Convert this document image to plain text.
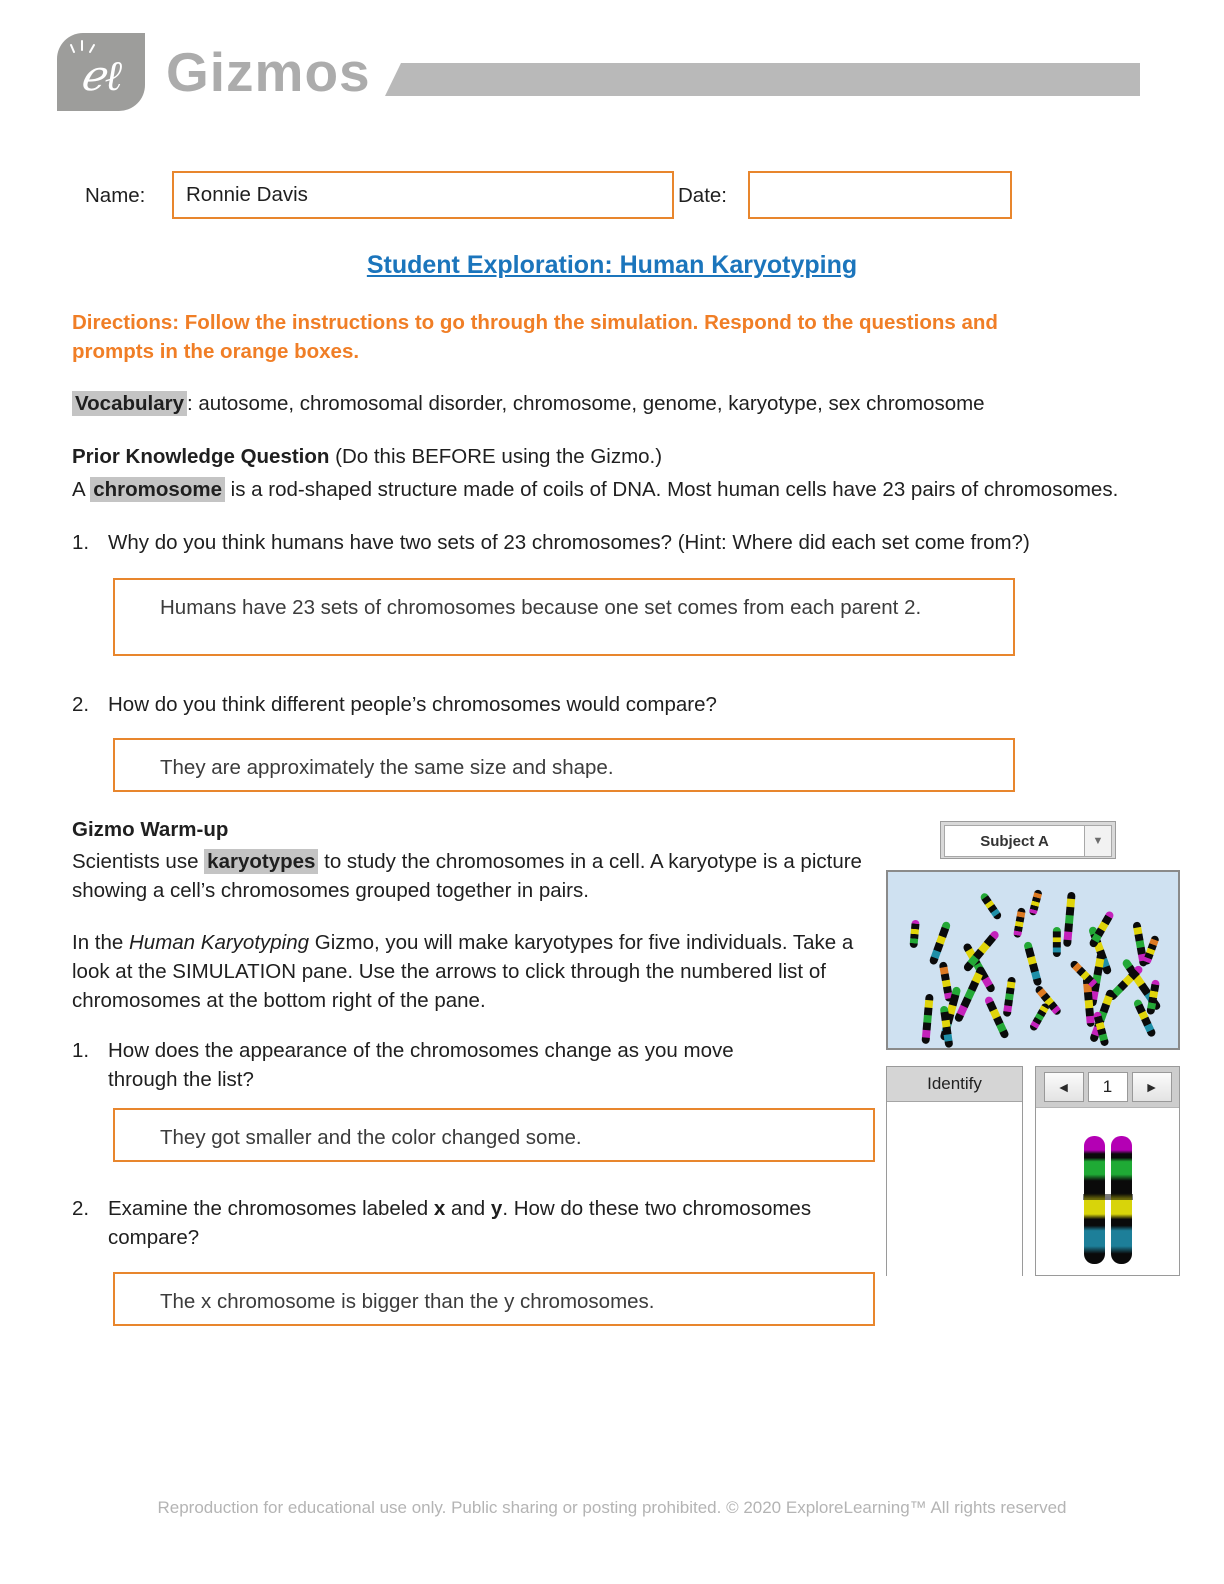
ℯℓ Gizmos
Name: Ronnie Davis	Date:
Student Exploration: Human Karyotyping
Directions: Follow the instructions to go through the simulation. Respond to the questions and prompts in the orange boxes.
Vocabulary : autosome, chromosomal disorder, chromosome, genome, karyotype, sex chromosome
Prior Knowledge Question (Do this BEFORE using the Gizmo.)
A chromosome is a rod-shaped structure made of coils of DNA. Most human cells have 23 pairs of chromosomes.
1. Why do you think humans have two sets of 23 chromosomes? (Hint: Where did each set come from?)
Humans have 23 sets of chromosomes because one set comes from each parent 2.
2. How do you think different people’s chromosomes would compare?
They are approximately the same size and shape.
Gizmo Warm-up
Scientists use karyotypes to study the chromosomes in a cell. A karyotype is a picture showing a cell’s chromosomes grouped together in pairs.
In the Human Karyotyping Gizmo, you will make karyotypes for five individuals. Take a look at the SIMULATION pane. Use the arrows to click through the numbered list of chromosomes at the bottom right of the pane.
1. How does the appearance of the chromosomes change as you move through the list?
They got smaller and the color changed some.
2. Examine the chromosomes labeled x and y. How do these two chromosomes compare?
The x chromosome is bigger than the y chromosomes.
Subject A	▼
Identify	◄	1	►
Reproduction for educational use only. Public sharing or posting prohibited. © 2020 ExploreLearning™ All rights reserved
